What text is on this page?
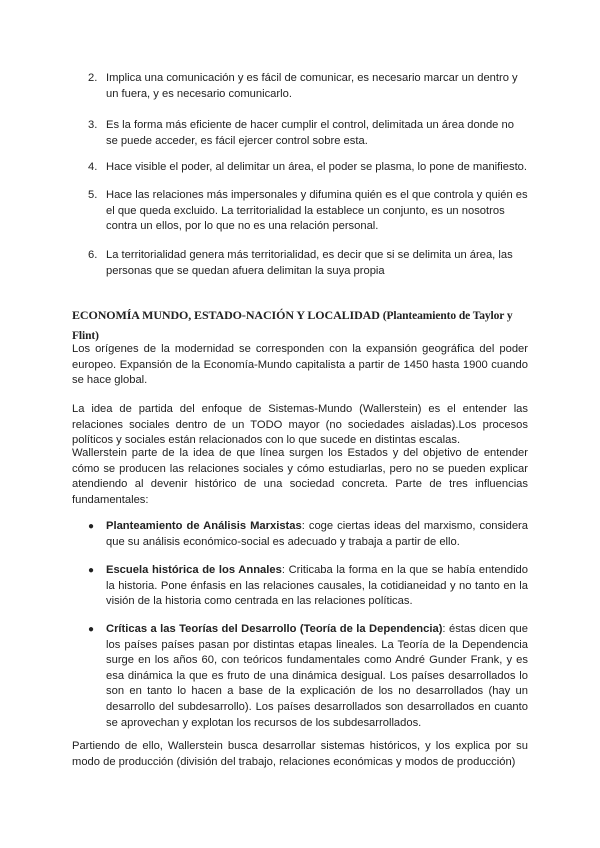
2. Implica una comunicación y es fácil de comunicar, es necesario marcar un dentro y un fuera, y es necesario comunicarlo.

3. Es la forma más eficiente de hacer cumplir el control, delimitada un área donde no se puede acceder, es fácil ejercer control sobre esta.

4. Hace visible el poder, al delimitar un área, el poder se plasma, lo pone de manifiesto.

5. Hace las relaciones más impersonales y difumina quién es el que controla y quién es el que queda excluido. La territorialidad la establece un conjunto, es un nosotros contra un ellos, por lo que no es una relación personal.

6. La territorialidad genera más territorialidad, es decir que si se delimita un área, las personas que se quedan afuera delimitan la suya propia

ECONOMÍA MUNDO, ESTADO-NACIÓN Y LOCALIDAD (Planteamiento de Taylor y Flint)

Los orígenes de la modernidad se corresponden con la expansión geográfica del poder europeo. Expansión de la Economía-Mundo capitalista a partir de 1450 hasta 1900 cuando se hace global.

La idea de partida del enfoque de Sistemas-Mundo (Wallerstein) es el entender las relaciones sociales dentro de un TODO mayor (no sociedades aisladas).Los procesos políticos y sociales están relacionados con lo que sucede en distintas escalas.

Wallerstein parte de la idea de que línea surgen los Estados y del objetivo de entender cómo se producen las relaciones sociales y cómo estudiarlas, pero no se pueden explicar atendiendo al devenir histórico de una sociedad concreta. Parte de tres influencias fundamentales:

● Planteamiento de Análisis Marxistas: coge ciertas ideas del marxismo, considera que su análisis económico-social es adecuado y trabaja a partir de ello.

● Escuela histórica de los Annales: Criticaba la forma en la que se había entendido la historia. Pone énfasis en las relaciones causales, la cotidianeidad y no tanto en la visión de la historia como centrada en las relaciones políticas.

● Críticas a las Teorías del Desarrollo (Teoría de la Dependencia): éstas dicen que los países países pasan por distintas etapas lineales. La Teoría de la Dependencia surge en los años 60, con teóricos fundamentales como André Gunder Frank, y es esa dinámica la que es fruto de una dinámica desigual. Los países desarrollados lo son en tanto lo hacen a base de la explicación de los no desarrollados (hay un desarrollo del subdesarrollo). Los países desarrollados son desarrollados en cuanto se aprovechan y explotan los recursos de los subdesarrollados.

Partiendo de ello, Wallerstein busca desarrollar sistemas históricos, y los explica por su modo de producción (división del trabajo, relaciones económicas y modos de producción)
